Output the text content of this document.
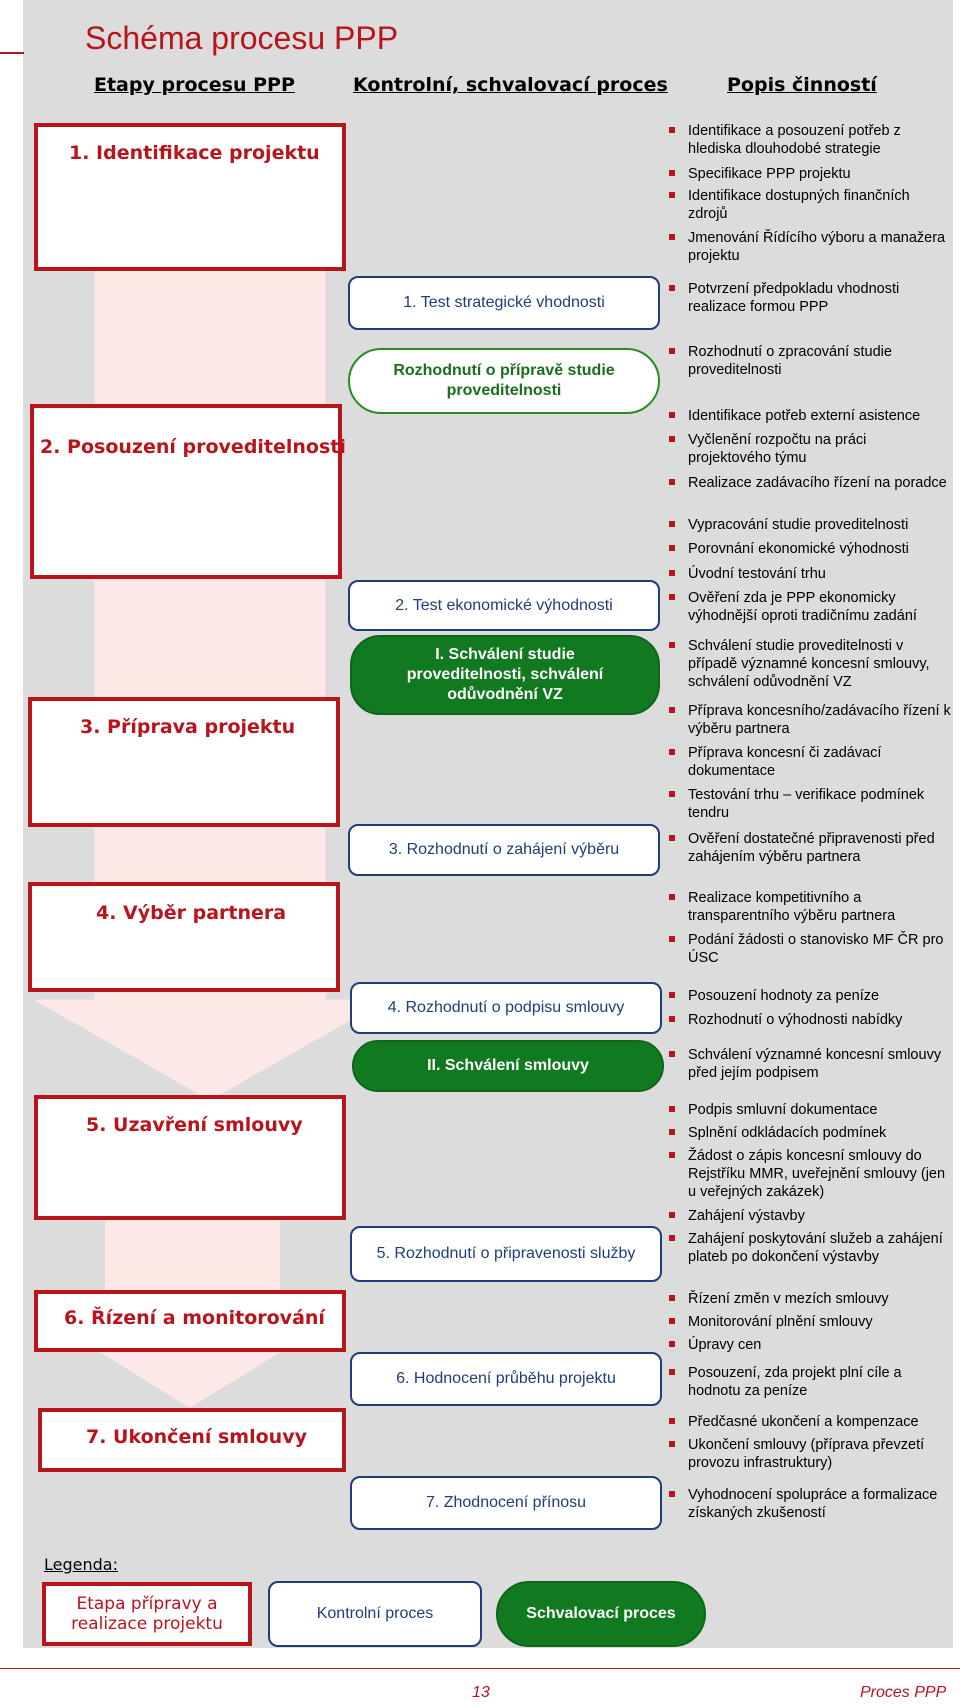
Schéma procesu PPP
Etapy procesu PPP	Kontrolní, schvalovací proces	Popis činností
1. Identifikace projektu
2. Posouzení proveditelnosti
3. Příprava projektu
4. Výběr partnera
5. Uzavření smlouvy
6. Řízení a monitorování
7. Ukončení smlouvy
1. Test strategické vhodnosti
Rozhodnutí o přípravě studie proveditelnosti
2. Test ekonomické výhodnosti
I. Schválení studie proveditelnosti, schválení odůvodnění VZ
3. Rozhodnutí o zahájení výběru
4. Rozhodnutí o podpisu smlouvy
II. Schválení smlouvy
5. Rozhodnutí o připravenosti služby
6. Hodnocení průběhu projektu
7. Zhodnocení přínosu
Identifikace a posouzení potřeb z hlediska dlouhodobé strategie
Specifikace PPP projektu
Identifikace dostupných finančních zdrojů
Jmenování Řídícího výboru a manažera projektu
Potvrzení předpokladu vhodnosti realizace formou PPP
Rozhodnutí o zpracování studie proveditelnosti
Identifikace potřeb externí asistence
Vyčlenění rozpočtu na práci projektového týmu
Realizace zadávacího řízení na poradce
Vypracování studie proveditelnosti
Porovnání ekonomické výhodnosti
Úvodní testování trhu
Ověření zda je PPP ekonomicky výhodnější oproti tradičnímu zadání
Schválení studie proveditelnosti v případě významné koncesní smlouvy, schválení odůvodnění VZ
Příprava koncesního/zadávacího řízení k výběru partnera
Příprava koncesní či zadávací dokumentace
Testování trhu – verifikace podmínek tendru
Ověření dostatečné připravenosti před zahájením výběru partnera
Realizace kompetitivního a transparentního výběru partnera
Podání žádosti o stanovisko MF ČR pro ÚSC
Posouzení hodnoty za peníze
Rozhodnutí o výhodnosti nabídky
Schválení významné koncesní smlouvy před jejím podpisem
Podpis smluvní dokumentace
Splnění odkládacích podmínek
Žádost o zápis koncesní smlouvy do Rejstříku MMR, uveřejnění smlouvy (jen u veřejných zakázek)
Zahájení výstavby
Zahájení poskytování služeb a zahájení plateb po dokončení výstavby
Řízení změn v mezích smlouvy
Monitorování plnění smlouvy
Úpravy cen
Posouzení, zda projekt plní cíle a hodnotu za peníze
Předčasné ukončení a kompenzace
Ukončení smlouvy (příprava převzetí provozu infrastruktury)
Vyhodnocení spolupráce a formalizace získaných zkušeností
Legenda:
Etapa přípravy a realizace projektu
Kontrolní proces	Schvalovací proces
13	Proces PPP
